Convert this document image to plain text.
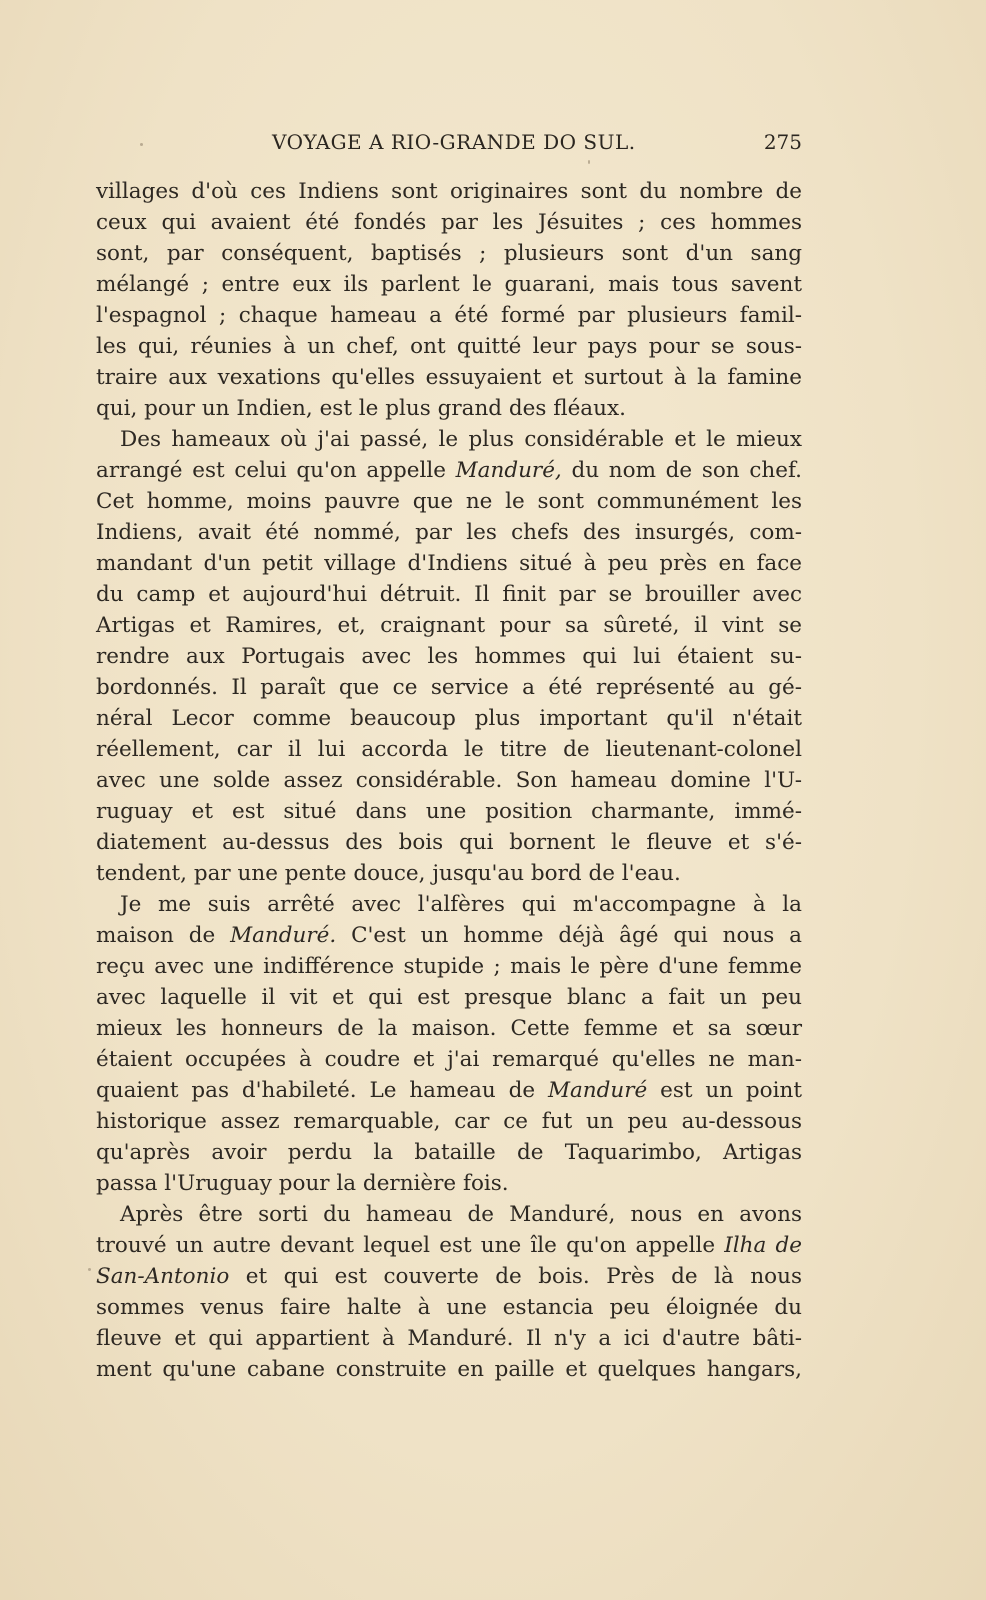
VOYAGE A RIO-GRANDE DO SUL.	275
villages d'où ces Indiens sont originaires sont du nombre de
ceux qui avaient été fondés par les Jésuites ; ces hommes
sont, par conséquent, baptisés ; plusieurs sont d'un sang
mélangé ; entre eux ils parlent le guarani, mais tous savent
l'espagnol ; chaque hameau a été formé par plusieurs famil-
les qui, réunies à un chef, ont quitté leur pays pour se sous-
traire aux vexations qu'elles essuyaient et surtout à la famine
qui, pour un Indien, est le plus grand des fléaux.
Des hameaux où j'ai passé, le plus considérable et le mieux
arrangé est celui qu'on appelle Manduré, du nom de son chef.
Cet homme, moins pauvre que ne le sont communément les
Indiens, avait été nommé, par les chefs des insurgés, com-
mandant d'un petit village d'Indiens situé à peu près en face
du camp et aujourd'hui détruit. Il finit par se brouiller avec
Artigas et Ramires, et, craignant pour sa sûreté, il vint se
rendre aux Portugais avec les hommes qui lui étaient su-
bordonnés. Il paraît que ce service a été représenté au gé-
néral Lecor comme beaucoup plus important qu'il n'était
réellement, car il lui accorda le titre de lieutenant-colonel
avec une solde assez considérable. Son hameau domine l'U-
ruguay et est situé dans une position charmante, immé-
diatement au-dessus des bois qui bornent le fleuve et s'é-
tendent, par une pente douce, jusqu'au bord de l'eau.
Je me suis arrêté avec l'alfères qui m'accompagne à la
maison de Manduré. C'est un homme déjà âgé qui nous a
reçu avec une indifférence stupide ; mais le père d'une femme
avec laquelle il vit et qui est presque blanc a fait un peu
mieux les honneurs de la maison. Cette femme et sa sœur
étaient occupées à coudre et j'ai remarqué qu'elles ne man-
quaient pas d'habileté. Le hameau de Manduré est un point
historique assez remarquable, car ce fut un peu au-dessous
qu'après avoir perdu la bataille de Taquarimbo, Artigas
passa l'Uruguay pour la dernière fois.
Après être sorti du hameau de Manduré, nous en avons
trouvé un autre devant lequel est une île qu'on appelle Ilha de
San-Antonio et qui est couverte de bois. Près de là nous
sommes venus faire halte à une estancia peu éloignée du
fleuve et qui appartient à Manduré. Il n'y a ici d'autre bâti-
ment qu'une cabane construite en paille et quelques hangars,
